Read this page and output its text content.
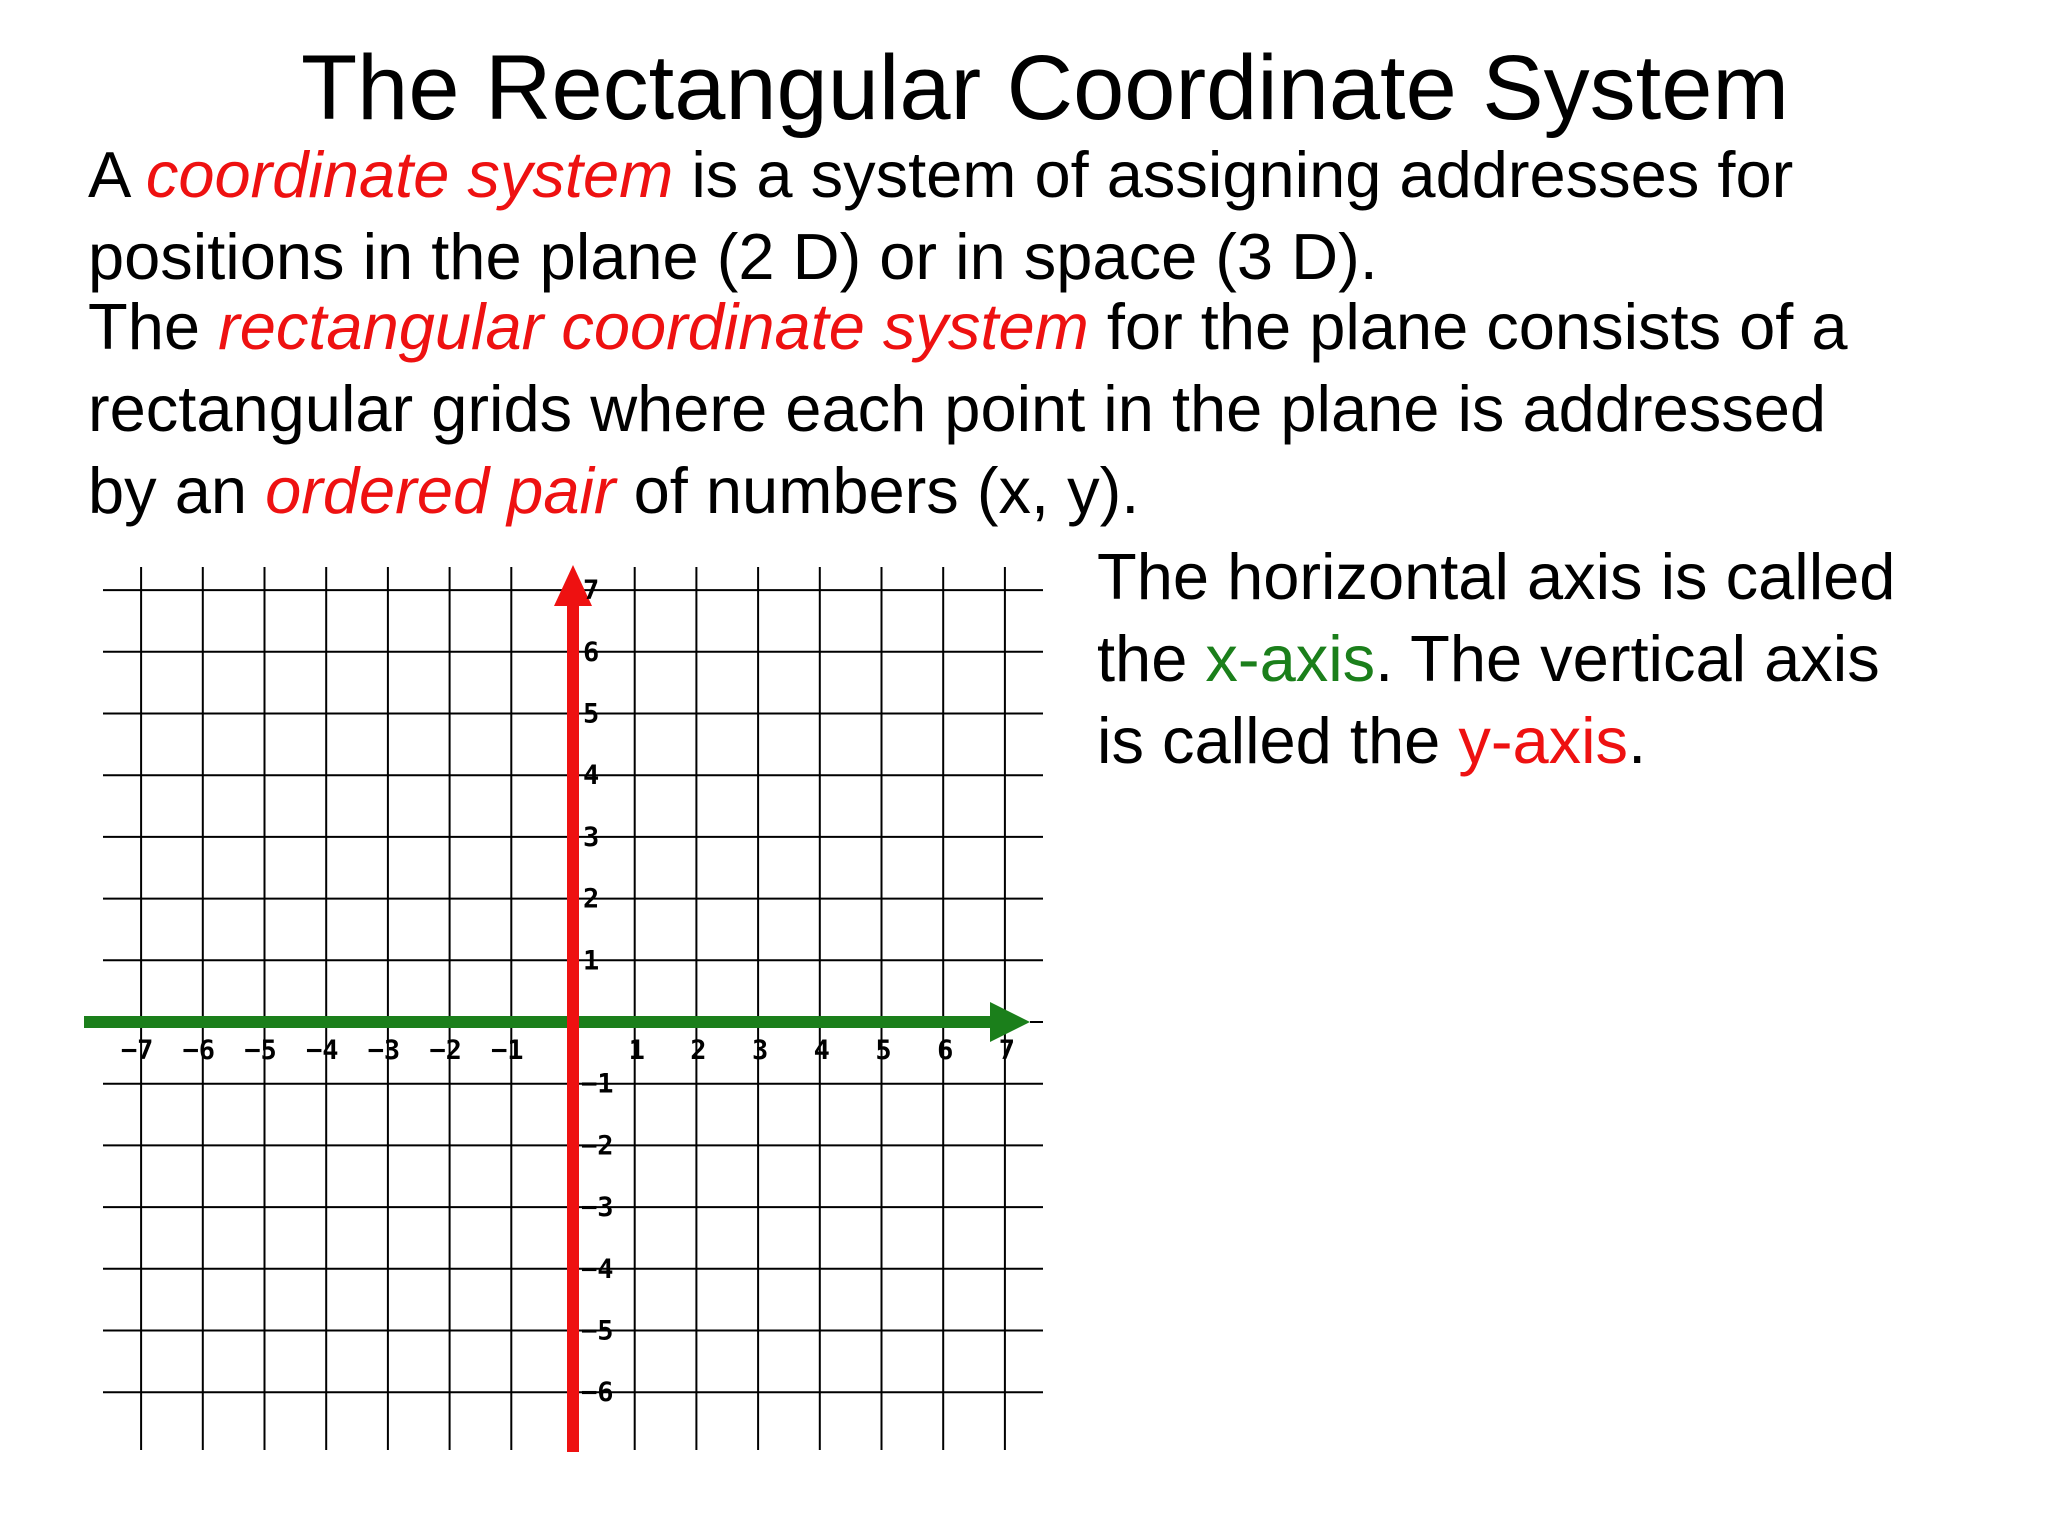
The Rectangular Coordinate System

A coordinate system is a system of assigning addresses for
positions in the plane (2 D) or in space (3 D).

The rectangular coordinate system for the plane consists of a
rectangular grids where each point in the plane is addressed
by an ordered pair of numbers (x, y).

The horizontal axis is called
the x-axis. The vertical axis
is called the y-axis.

−7 −6 −5 −4 −3 −2 −1	1 2 3 4 5 6 7
7
6
5
4
3
2
1
−1
−2
−3
−4
−5
−6
